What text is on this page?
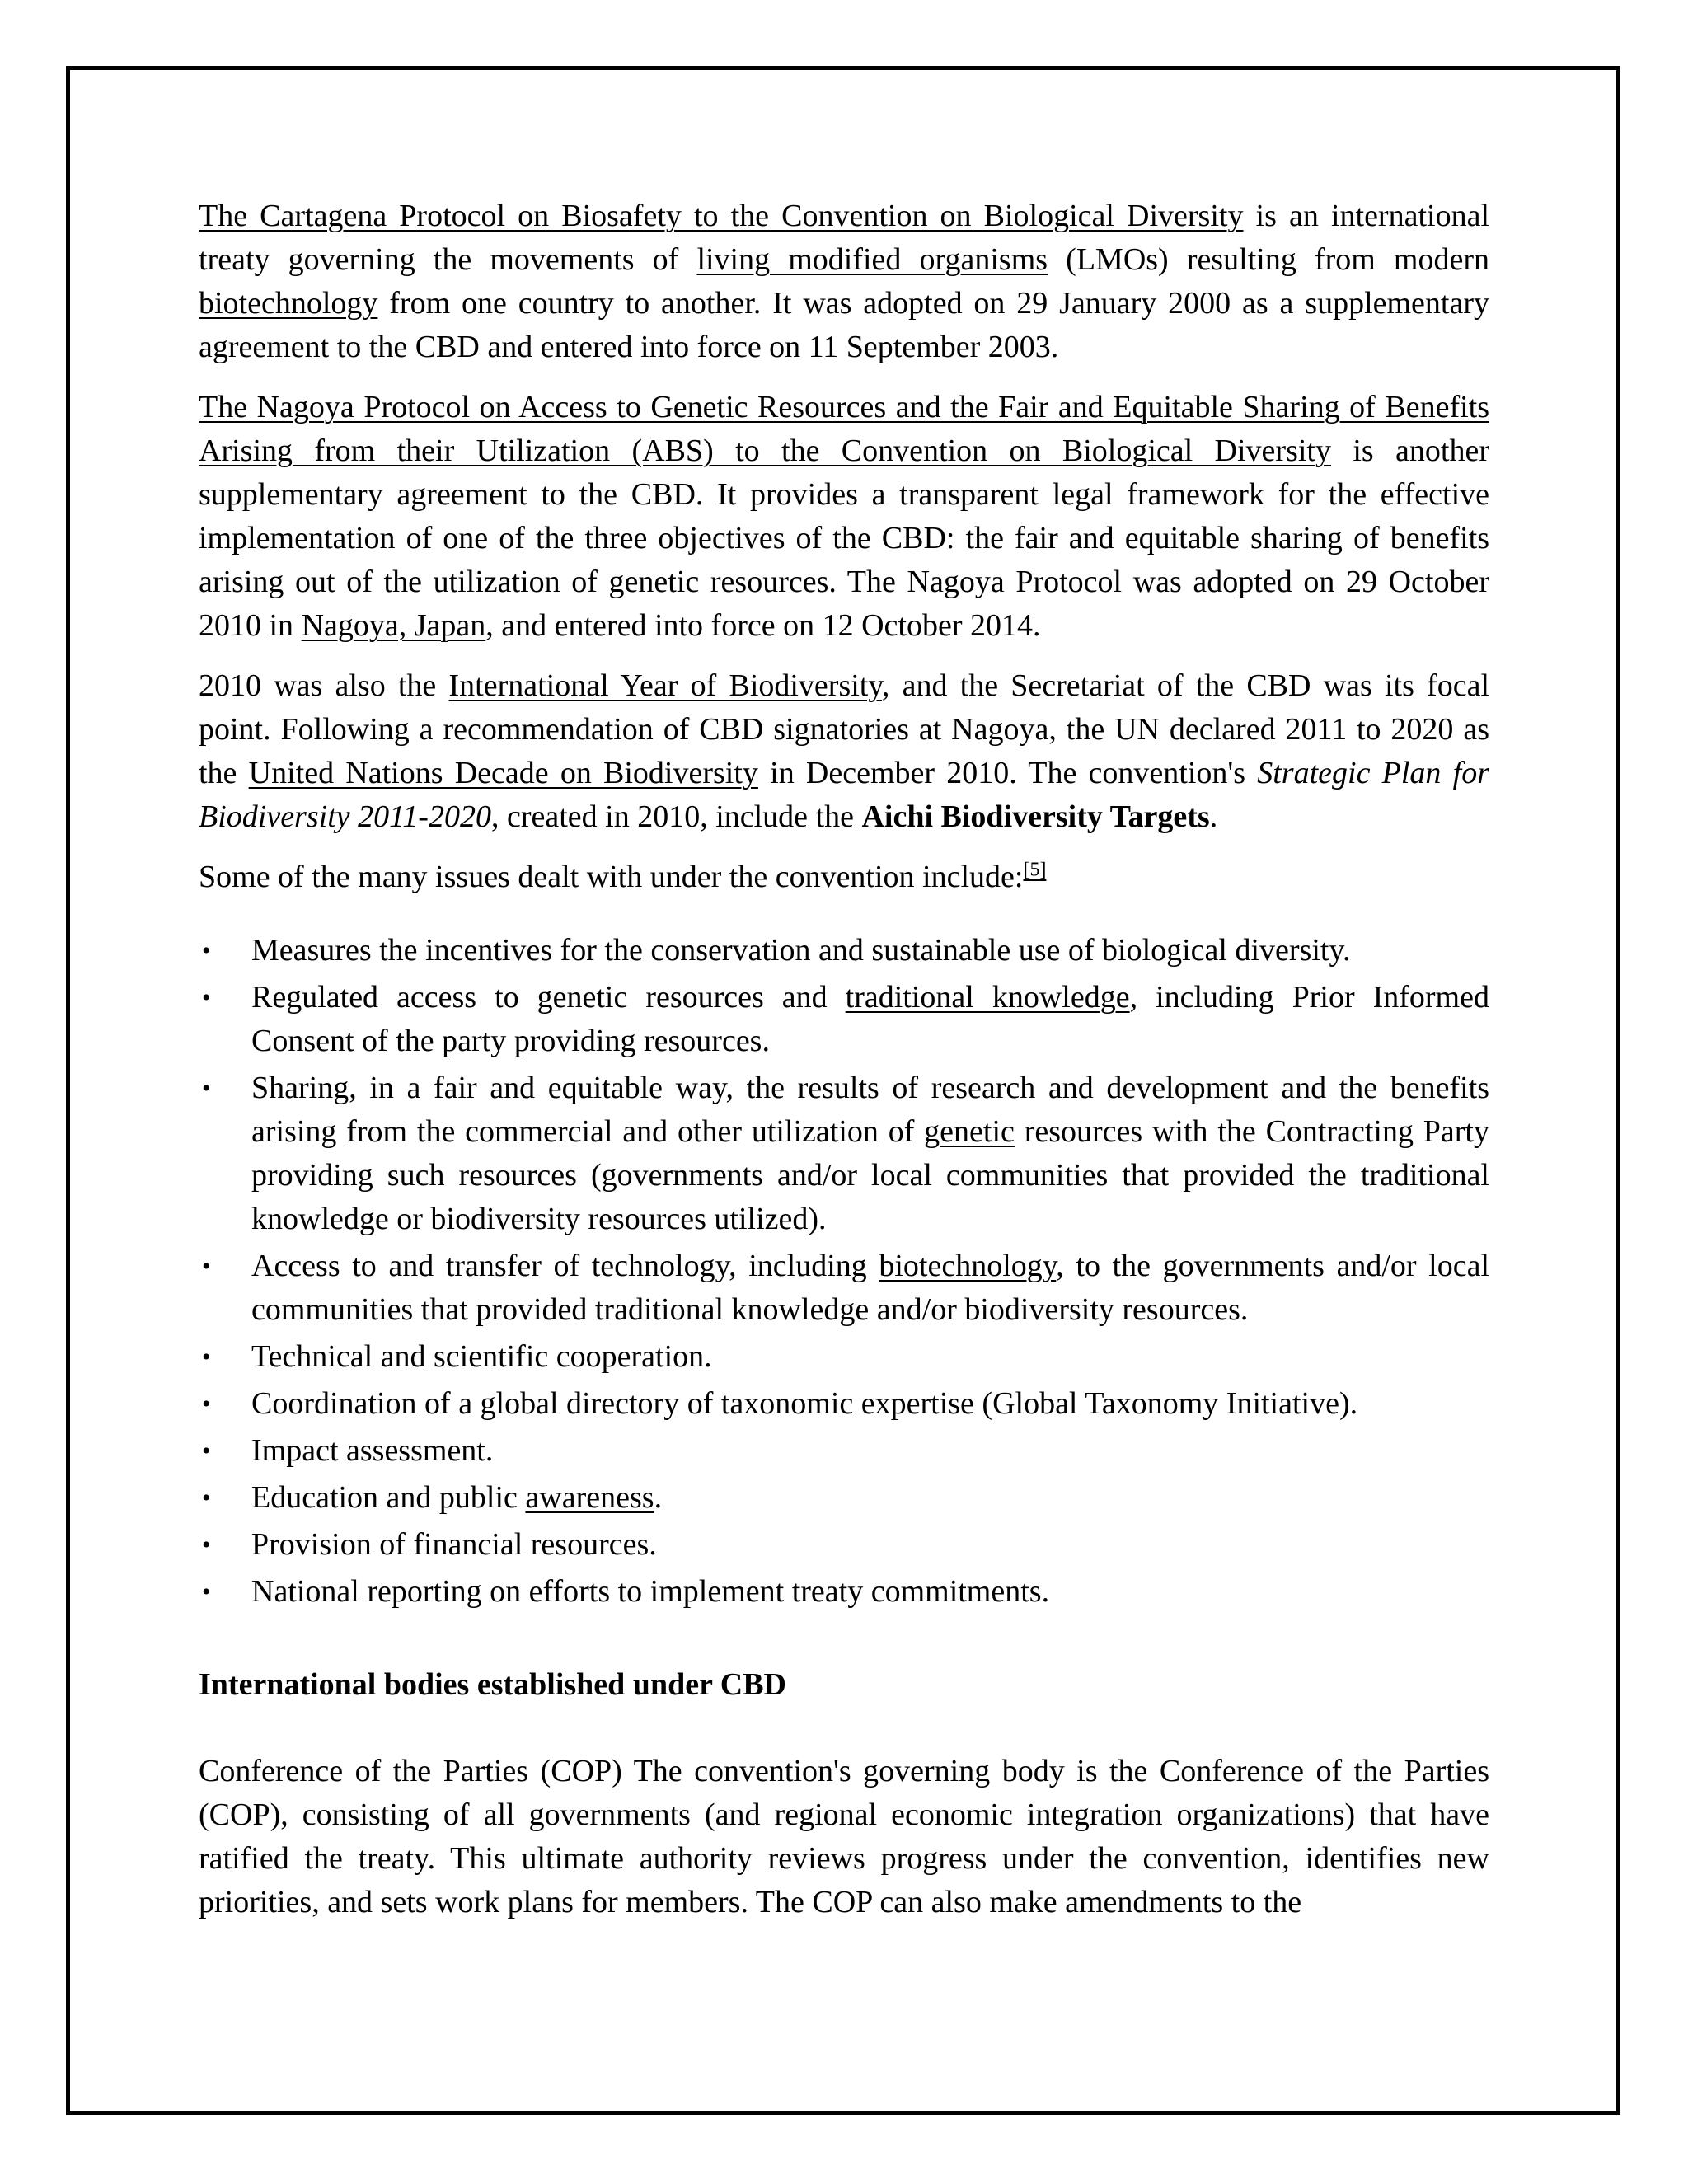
The Cartagena Protocol on Biosafety to the Convention on Biological Diversity is an international treaty governing the movements of living modified organisms (LMOs) resulting from modern biotechnology from one country to another. It was adopted on 29 January 2000 as a supplementary agreement to the CBD and entered into force on 11 September 2003.

The Nagoya Protocol on Access to Genetic Resources and the Fair and Equitable Sharing of Benefits Arising from their Utilization (ABS) to the Convention on Biological Diversity is another supplementary agreement to the CBD. It provides a transparent legal framework for the effective implementation of one of the three objectives of the CBD: the fair and equitable sharing of benefits arising out of the utilization of genetic resources. The Nagoya Protocol was adopted on 29 October 2010 in Nagoya, Japan, and entered into force on 12 October 2014.

2010 was also the International Year of Biodiversity, and the Secretariat of the CBD was its focal point. Following a recommendation of CBD signatories at Nagoya, the UN declared 2011 to 2020 as the United Nations Decade on Biodiversity in December 2010. The convention's Strategic Plan for Biodiversity 2011-2020, created in 2010, include the Aichi Biodiversity Targets.

Some of the many issues dealt with under the convention include:[5]

• Measures the incentives for the conservation and sustainable use of biological diversity.
• Regulated access to genetic resources and traditional knowledge, including Prior Informed Consent of the party providing resources.
• Sharing, in a fair and equitable way, the results of research and development and the benefits arising from the commercial and other utilization of genetic resources with the Contracting Party providing such resources (governments and/or local communities that provided the traditional knowledge or biodiversity resources utilized).
• Access to and transfer of technology, including biotechnology, to the governments and/or local communities that provided traditional knowledge and/or biodiversity resources.
• Technical and scientific cooperation.
• Coordination of a global directory of taxonomic expertise (Global Taxonomy Initiative).
• Impact assessment.
• Education and public awareness.
• Provision of financial resources.
• National reporting on efforts to implement treaty commitments.
International bodies established under CBD

Conference of the Parties (COP) The convention's governing body is the Conference of the Parties (COP), consisting of all governments (and regional economic integration organizations) that have ratified the treaty. This ultimate authority reviews progress under the convention, identifies new priorities, and sets work plans for members. The COP can also make amendments to the
